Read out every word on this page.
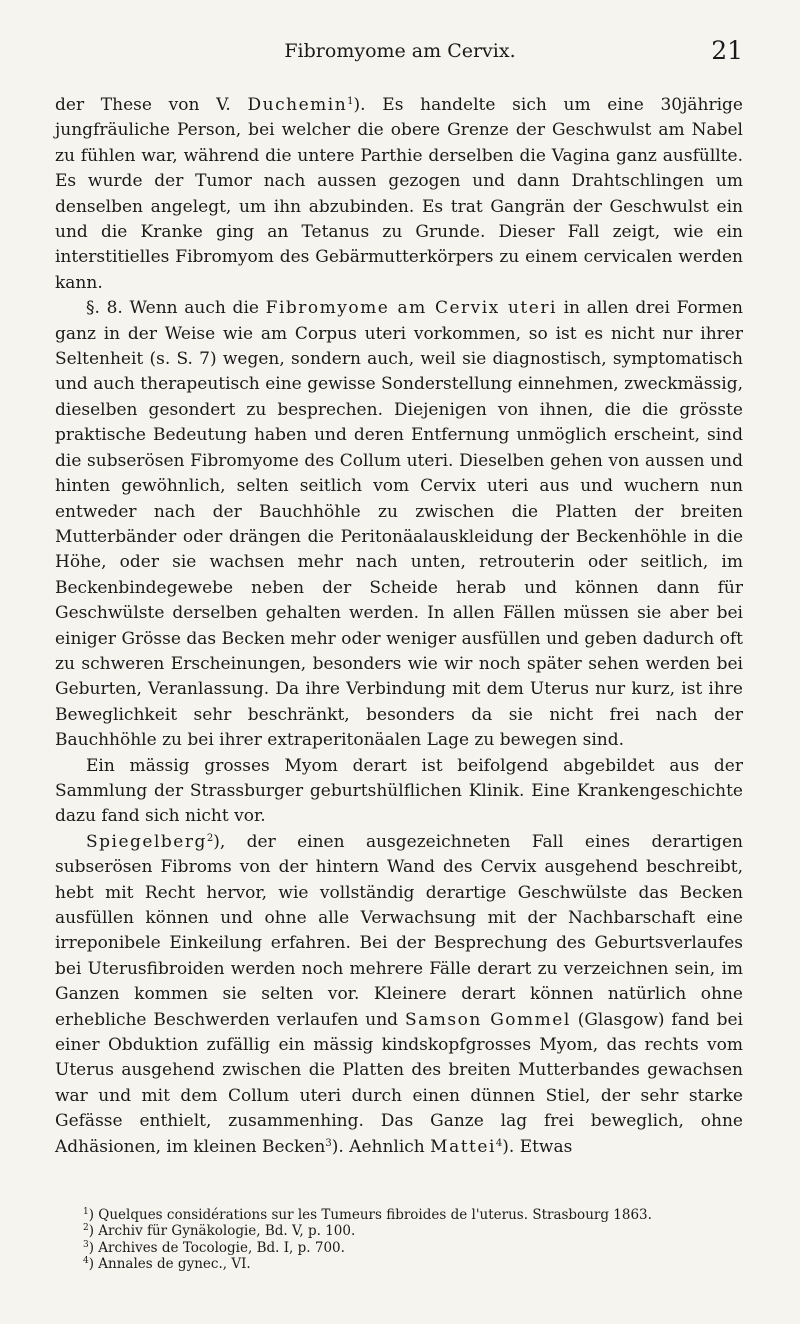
Fibromyome am Cervix.	21

der These von V. Duchemin$^1$). Es handelte sich um eine 30jährige jungfräuliche Person, bei welcher die obere Grenze der Geschwulst am Nabel zu fühlen war, während die untere Parthie derselben die Vagina ganz ausfüllte. Es wurde der Tumor nach aussen gezogen und dann Drahtschlingen um denselben angelegt, um ihn abzubinden. Es trat Gangrän der Geschwulst ein und die Kranke ging an Tetanus zu Grunde. Dieser Fall zeigt, wie ein interstitielles Fibromyom des Gebärmutterkörpers zu einem cervicalen werden kann.

§. 8. Wenn auch die Fibromyome am Cervix uteri in allen drei Formen ganz in der Weise wie am Corpus uteri vorkommen, so ist es nicht nur ihrer Seltenheit (s. S. 7) wegen, sondern auch, weil sie diagnostisch, symptomatisch und auch therapeutisch eine gewisse Sonderstellung einnehmen, zweckmässig, dieselben gesondert zu besprechen. Diejenigen von ihnen, die die grösste praktische Bedeutung haben und deren Entfernung unmöglich erscheint, sind die subserösen Fibromyome des Collum uteri. Dieselben gehen von aussen und hinten gewöhnlich, selten seitlich vom Cervix uteri aus und wuchern nun entweder nach der Bauchhöhle zu zwischen die Platten der breiten Mutterbänder oder drängen die Peritonäalauskleidung der Beckenhöhle in die Höhe, oder sie wachsen mehr nach unten, retrouterin oder seitlich, im Beckenbindegewebe neben der Scheide herab und können dann für Geschwülste derselben gehalten werden. In allen Fällen müssen sie aber bei einiger Grösse das Becken mehr oder weniger ausfüllen und geben dadurch oft zu schweren Erscheinungen, besonders wie wir noch später sehen werden bei Geburten, Veranlassung. Da ihre Verbindung mit dem Uterus nur kurz, ist ihre Beweglichkeit sehr beschränkt, besonders da sie nicht frei nach der Bauchhöhle zu bei ihrer extraperitonäalen Lage zu bewegen sind.

Ein mässig grosses Myom derart ist beifolgend abgebildet aus der Sammlung der Strassburger geburtshülflichen Klinik. Eine Krankengeschichte dazu fand sich nicht vor.

Spiegelberg$^2$), der einen ausgezeichneten Fall eines derartigen subserösen Fibroms von der hintern Wand des Cervix ausgehend beschreibt, hebt mit Recht hervor, wie vollständig derartige Geschwülste das Becken ausfüllen können und ohne alle Verwachsung mit der Nachbarschaft eine irreponibele Einkeilung erfahren. Bei der Besprechung des Geburtsverlaufes bei Uterusfibroiden werden noch mehrere Fälle derart zu verzeichnen sein, im Ganzen kommen sie selten vor. Kleinere derart können natürlich ohne erhebliche Beschwerden verlaufen und Samson Gommel (Glasgow) fand bei einer Obduktion zufällig ein mässig kindskopfgrosses Myom, das rechts vom Uterus ausgehend zwischen die Platten des breiten Mutterbandes gewachsen war und mit dem Collum uteri durch einen dünnen Stiel, der sehr starke Gefässe enthielt, zusammenhing. Das Ganze lag frei beweglich, ohne Adhäsionen, im kleinen Becken$^3$). Aehnlich Mattei$^4$). Etwas

$^1$) Quelques considérations sur les Tumeurs fibroides de l'uterus. Strasbourg 1863.

$^2$) Archiv für Gynäkologie, Bd. V, p. 100.

$^3$) Archives de Tocologie, Bd. I, p. 700.

$^4$) Annales de gynec., VI.
